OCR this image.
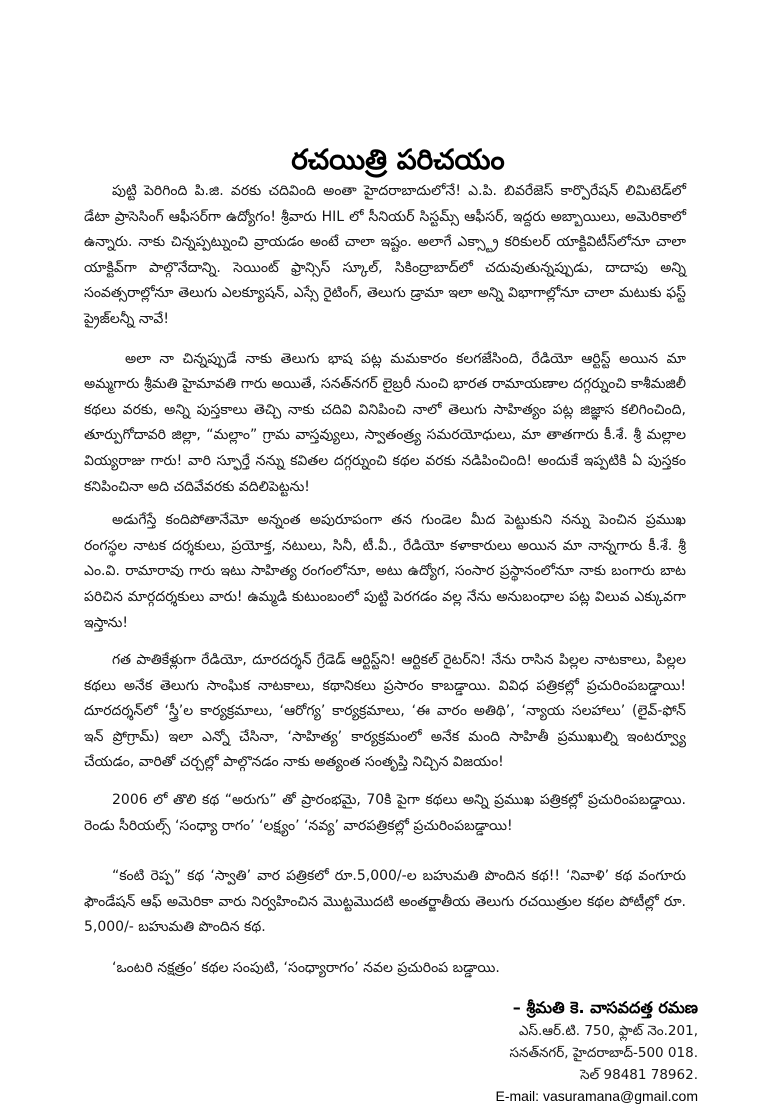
రచయిత్రి పరిచయం

పుట్టి పెరిగింది పి.జి. వరకు చదివింది అంతా హైదరాబాదులోనే! ఎ.పి. బివరేజెస్ కార్పొరేషన్ లిమిటెడ్‌లో డేటా ప్రాసెసింగ్ ఆఫీసర్‌గా ఉద్యోగం! శ్రీవారు HIL లో సీనియర్ సిస్టమ్స్ ఆఫీసర్, ఇద్దరు అబ్బాయిలు, అమెరికాలో ఉన్నారు. నాకు చిన్నప్పట్నుంచి వ్రాయడం అంటే చాలా ఇష్టం. అలాగే ఎక్స్ట్రా కరికులర్ యాక్టివిటీస్‌లోనూ చాలా యాక్టివ్‌గా పాల్గొనేదాన్ని. సెయింట్ ఫ్రాన్సిస్ స్కూల్, సికింద్రాబాద్‌లో చదువుతున్నప్పుడు, దాదాపు అన్ని సంవత్సరాల్లోనూ తెలుగు ఎలక్యూషన్, ఎస్సే రైటింగ్, తెలుగు డ్రామా ఇలా అన్ని విభాగాల్లోనూ చాలా మటుకు ఫస్ట్ ప్రైజ్‌లన్నీ నావే!

అలా నా చిన్నప్పుడే నాకు తెలుగు భాష పట్ల మమకారం కలగజేసింది, రేడియో ఆర్టిస్ట్ అయిన మా అమ్మగారు శ్రీమతి హైమావతి గారు అయితే, సనత్‌నగర్ లైబ్రరీ నుంచి భారత రామాయణాల దగ్గర్నుంచి కాశీమజిలీ కథలు వరకు, అన్ని పుస్తకాలు తెచ్చి నాకు చదివి వినిపించి నాలో తెలుగు సాహిత్యం పట్ల జిజ్ఞాస కలిగించింది, తూర్పుగోదావరి జిల్లా, “మల్లాం” గ్రామ వాస్తవ్యులు, స్వాతంత్ర్య సమరయోధులు, మా తాతగారు కీ.శే. శ్రీ మల్లాల వియ్యరాజు గారు! వారి స్ఫూర్తే నన్ను కవితల దగ్గర్నుంచి కథల వరకు నడిపించింది! అందుకే ఇప్పటికి ఏ పుస్తకం కనిపించినా అది చదివేవరకు వదిలిపెట్టను!

అడుగేస్తే కందిపోతానేమో అన్నంత అపురూపంగా తన గుండెల మీద పెట్టుకుని నన్ను పెంచిన ప్రముఖ రంగస్థల నాటక దర్శకులు, ప్రయోక్త, నటులు, సినీ, టీ.వీ., రేడియో కళాకారులు అయిన మా నాన్నగారు కీ.శే. శ్రీ ఎం.వి. రామారావు గారు ఇటు సాహిత్య రంగంలోనూ, అటు ఉద్యోగ, సంసార ప్రస్థానంలోనూ నాకు బంగారు బాట పరిచిన మార్గదర్శకులు వారు! ఉమ్మడి కుటుంబంలో పుట్టి పెరగడం వల్ల నేను అనుబంధాల పట్ల విలువ ఎక్కువగా ఇస్తాను!

గత పాతికేళ్లుగా రేడియో, దూరదర్శన్ గ్రేడెడ్ ఆర్టిస్ట్‌ని! ఆర్టికల్ రైటర్‌ని! నేను రాసిన పిల్లల నాటకాలు, పిల్లల కథలు అనేక తెలుగు సాంఘిక నాటకాలు, కథానికలు ప్రసారం కాబడ్డాయి. వివిధ పత్రికల్లో ప్రచురింపబడ్డాయి! దూరదర్శన్‌లో ‘స్త్రీ’ల కార్యక్రమాలు, ‘ఆరోగ్య’ కార్యక్రమాలు, ‘ఈ వారం అతిథి’, ‘న్యాయ సలహాలు’ (లైవ్-ఫోన్ ఇన్ ప్రోగ్రామ్) ఇలా ఎన్నో చేసినా, ‘సాహిత్య’ కార్యక్రమంలో అనేక మంది సాహితీ ప్రముఖుల్ని ఇంటర్వ్యూ చేయడం, వారితో చర్చల్లో పాల్గొనడం నాకు అత్యంత సంతృప్తి నిచ్చిన విజయం!

2006 లో తొలి కథ “అరుగు” తో ప్రారంభమై, 70కి పైగా కథలు అన్ని ప్రముఖ పత్రికల్లో ప్రచురింపబడ్డాయి. రెండు సీరియల్స్ ‘సంధ్యా రాగం’ ‘లక్ష్యం’ ‘నవ్య’ వారపత్రికల్లో ప్రచురింపబడ్డాయి!

“కంటి రెప్ప” కథ ‘స్వాతి’ వార పత్రికలో రూ.5,000/-ల బహుమతి పొందిన కథ!! ‘నివాళి’ కథ వంగూరు ఫౌండేషన్ ఆఫ్ అమెరికా వారు నిర్వహించిన మొట్టమొదటి అంతర్జాతీయ తెలుగు రచయిత్రుల కథల పోటీల్లో రూ. 5,000/- బహుమతి పొందిన కథ.

‘ఒంటరి నక్షత్రం’ కథల సంపుటి, ‘సంధ్యారాగం’ నవల ప్రచురింప బడ్డాయి.

– శ్రీమతి కె. వాసవదత్త రమణ
ఎస్.ఆర్.టి. 750, ఫ్లాట్ నెం.201,
సనత్‌నగర్, హైదరాబాద్-500 018.
సెల్ 98481 78962.
E-mail: vasuramana@gmail.com
